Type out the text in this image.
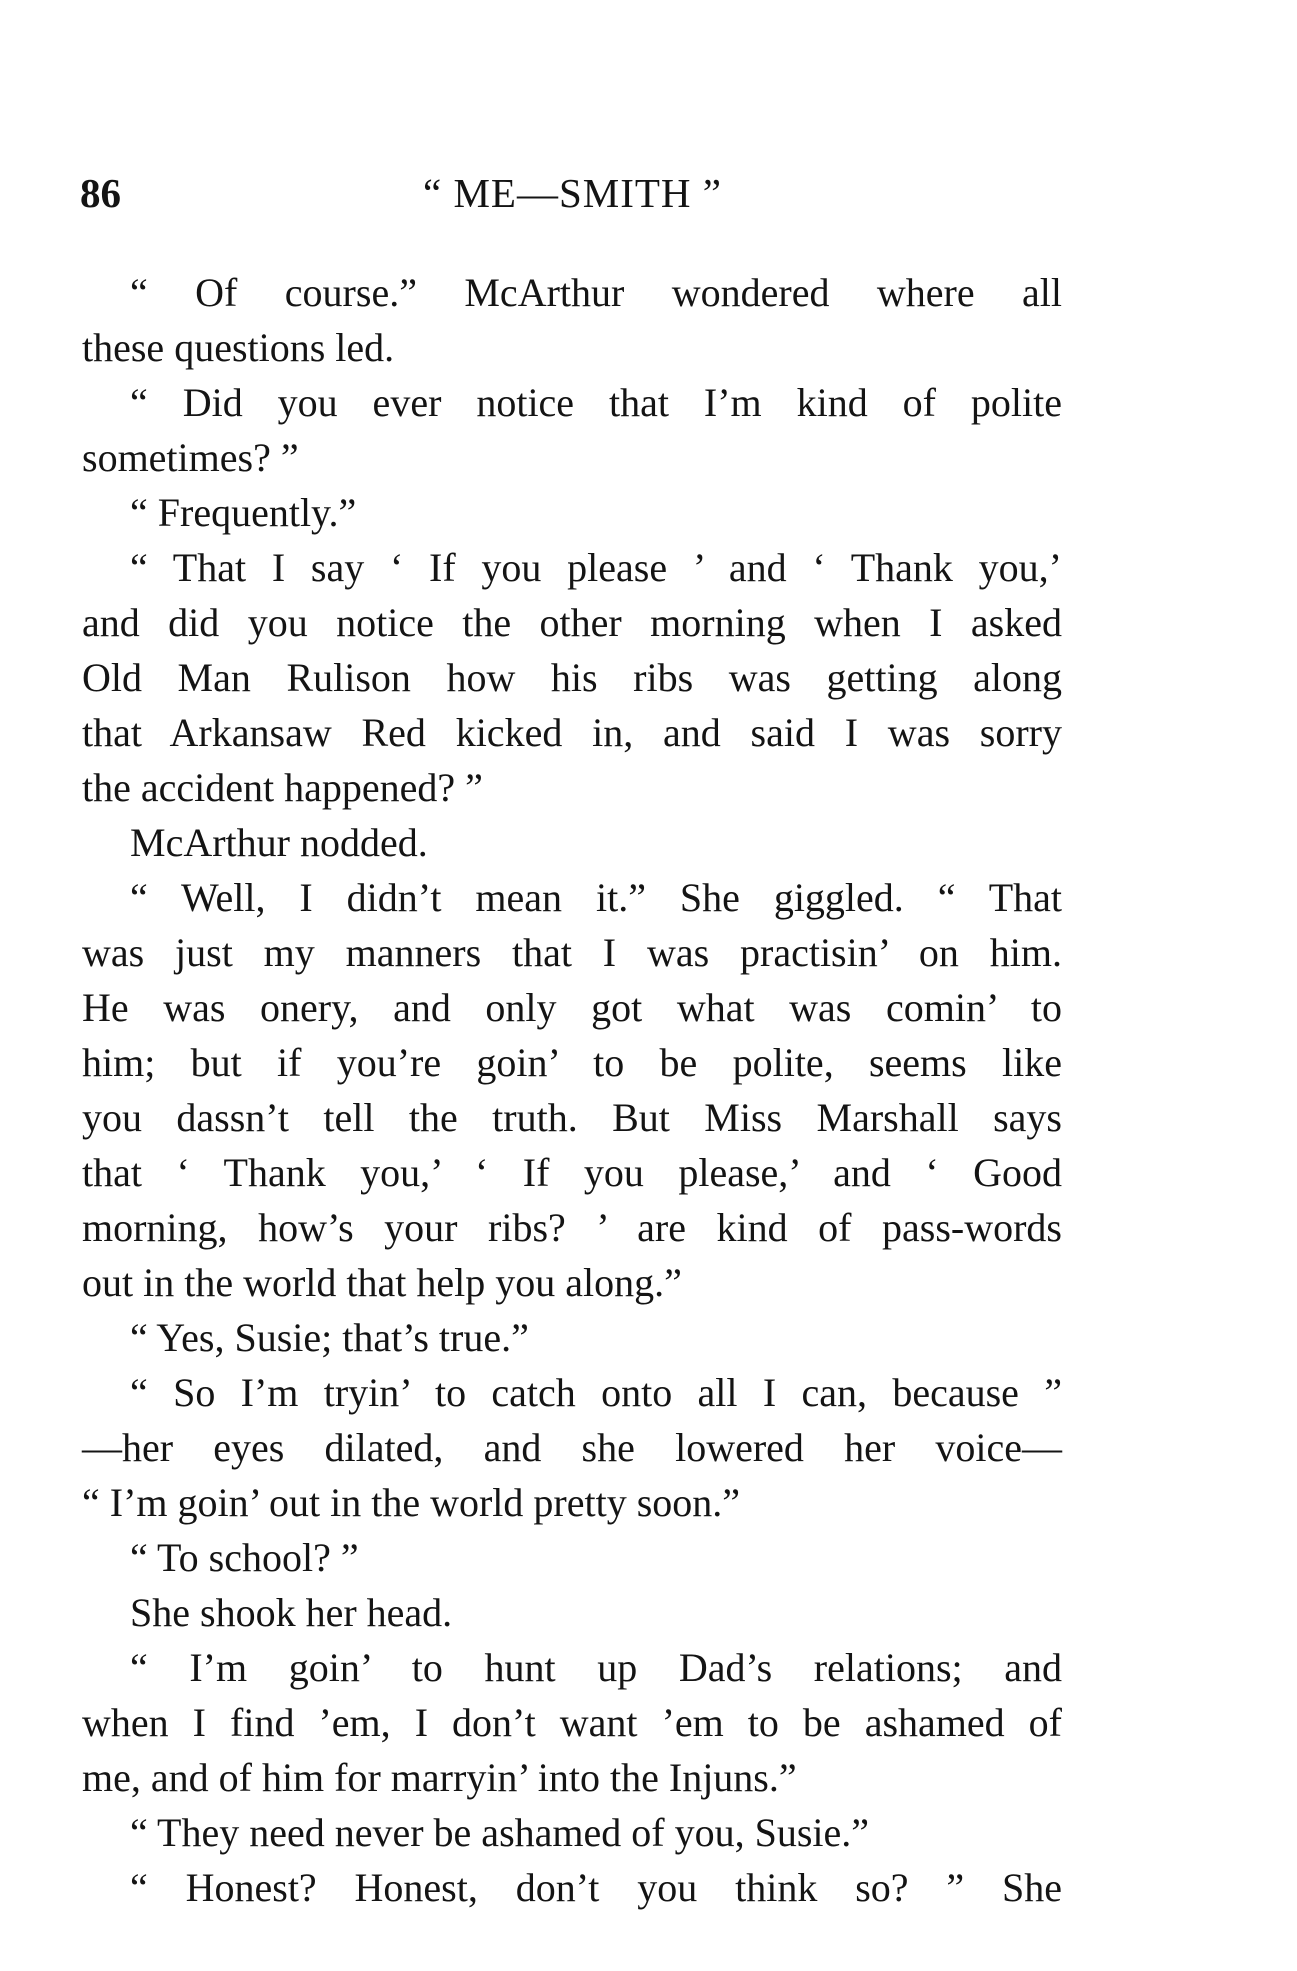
86	“ ME—SMITH ”
“ Of course.” McArthur wondered where all
these questions led.
“ Did you ever notice that I’m kind of polite
sometimes? ”
“ Frequently.”
“ That I say ‘ If you please ’ and ‘ Thank you,’
and did you notice the other morning when I asked
Old Man Rulison how his ribs was getting along
that Arkansaw Red kicked in, and said I was sorry
the accident happened? ”
McArthur nodded.
“ Well, I didn’t mean it.” She giggled. “ That
was just my manners that I was practisin’ on him.
He was onery, and only got what was comin’ to
him; but if you’re goin’ to be polite, seems like
you dassn’t tell the truth. But Miss Marshall says
that ‘ Thank you,’ ‘ If you please,’ and ‘ Good
morning, how’s your ribs? ’ are kind of pass-words
out in the world that help you along.”
“ Yes, Susie; that’s true.”
“ So I’m tryin’ to catch onto all I can, because ”
—her eyes dilated, and she lowered her voice—
“ I’m goin’ out in the world pretty soon.”
“ To school? ”
She shook her head.
“ I’m goin’ to hunt up Dad’s relations; and
when I find ’em, I don’t want ’em to be ashamed of
me, and of him for marryin’ into the Injuns.”
“ They need never be ashamed of you, Susie.”
“ Honest? Honest, don’t you think so? ” She
